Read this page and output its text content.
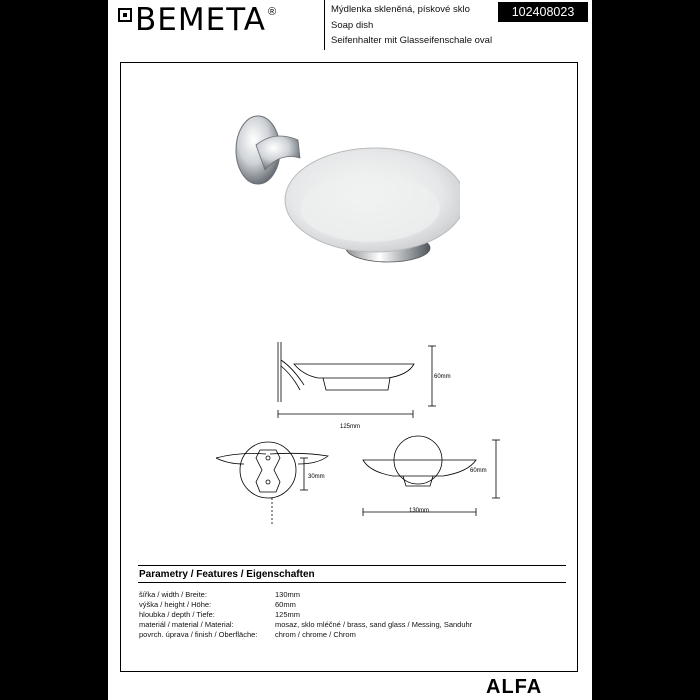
BEMETA ®	Mýdlenka skleněná, pískové sklo
Soap dish
Seifenhalter mit Glasseifenschale oval
102408023
125mm
60mm
30mm
130mm
60mm
Parametry / Features / Eigenschaften
šířka / width / Breite:	130mm
výška / height / Höhe:	60mm
hloubka / depth / Tiefe:	125mm
materiál / material / Material:	mosaz, sklo mléčné / brass, sand glass / Messing, Sanduhr
povrch. úprava / finish / Oberfläche: chrom / chrome / Chrom
ALFA
